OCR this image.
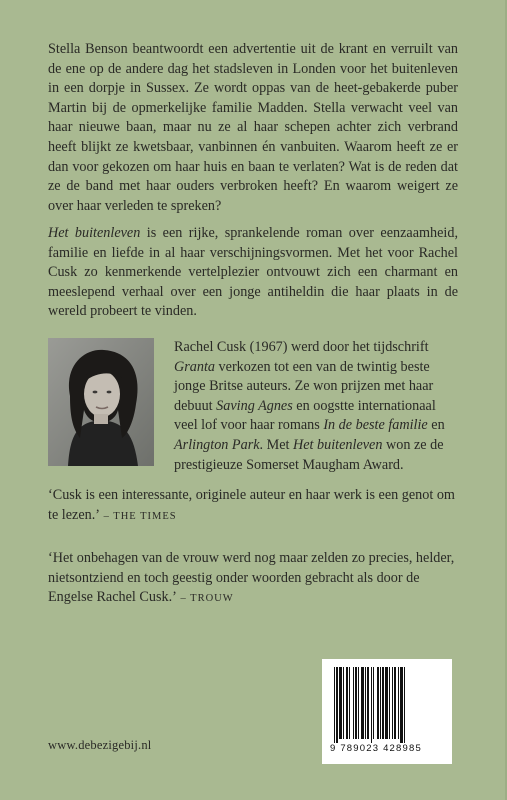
Stella Benson beantwoordt een advertentie uit de krant en verruilt van de ene op de andere dag het stadsleven in Londen voor het buitenleven in een dorpje in Sussex. Ze wordt oppas van de heet-gebakerde puber Martin bij de opmerkelijke familie Madden. Stella verwacht veel van haar nieuwe baan, maar nu ze al haar schepen achter zich verbrand heeft blijkt ze kwetsbaar, vanbinnen én vanbuiten. Waarom heeft ze er dan voor gekozen om haar huis en baan te verlaten? Wat is de reden dat ze de band met haar ouders verbroken heeft? En waarom weigert ze over haar verleden te spreken?

Het buitenleven is een rijke, sprankelende roman over eenzaamheid, familie en liefde in al haar verschijningsvormen. Met het voor Rachel Cusk zo kenmerkende vertelplezier ontvouwt zich een charmant en meeslepend verhaal over een jonge antiheldin die haar plaats in de wereld probeert te vinden.

Rachel Cusk (1967) werd door het tijdschrift Granta verkozen tot een van de twintig beste jonge Britse auteurs. Ze won prijzen met haar debuut Saving Agnes en oogstte internationaal veel lof voor haar romans In de beste familie en Arlington Park. Met Het buitenleven won ze de prestigieuze Somerset Maugham Award.

‘Cusk is een interessante, originele auteur en haar werk is een genot om te lezen.’ – THE TIMES

‘Het onbehagen van de vrouw werd nog maar zelden zo precies, helder, nietsontziend en toch geestig onder woorden gebracht als door de Engelse Rachel Cusk.’ – TROUW

www.debezigebij.nl	9 789023 428985
